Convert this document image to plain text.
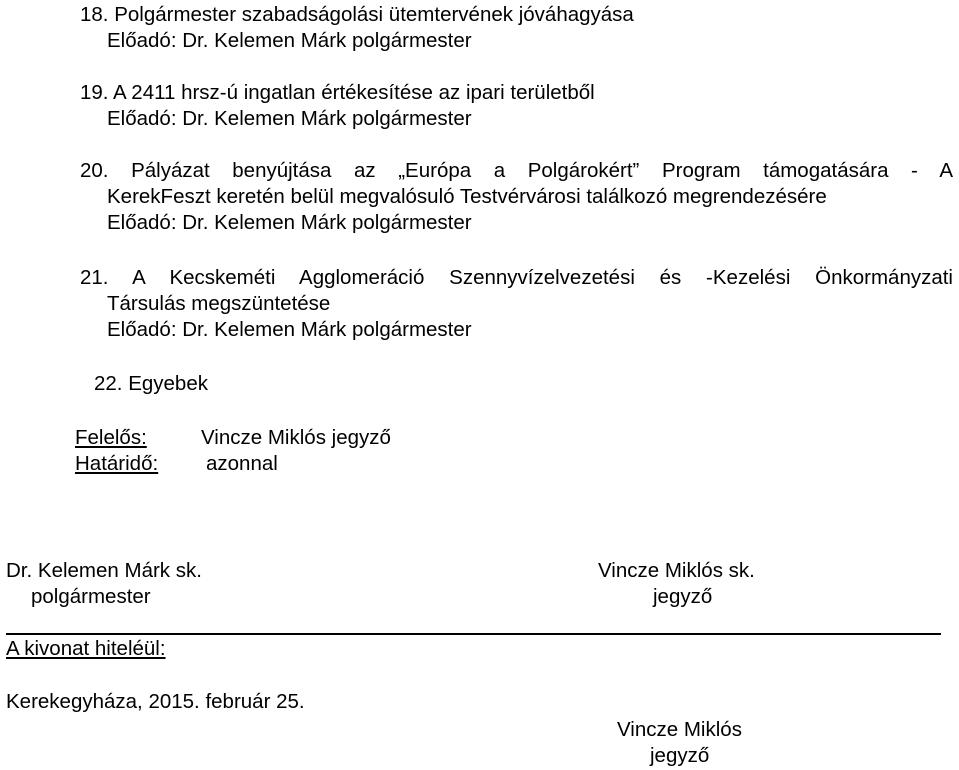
18. Polgármester szabadságolási ütemtervének jóváhagyása
Előadó: Dr. Kelemen Márk polgármester
19. A 2411 hrsz-ú ingatlan értékesítése az ipari területből
Előadó: Dr. Kelemen Márk polgármester
20. Pályázat benyújtása az „Európa a Polgárokért” Program támogatására - A
KerekFeszt keretén belül megvalósuló Testvérvárosi találkozó megrendezésére
Előadó: Dr. Kelemen Márk polgármester
21. A Kecskeméti Agglomeráció Szennyvízelvezetési és -Kezelési Önkormányzati
Társulás megszüntetése
Előadó: Dr. Kelemen Márk polgármester
22. Egyebek
Felelős:	Vincze Miklós jegyző
Határidő: azonnal
Dr. Kelemen Márk sk.
polgármester
Vincze Miklós sk.
jegyző
A kivonat hiteléül:
Kerekegyháza, 2015. február 25.
Vincze Miklós
jegyző
